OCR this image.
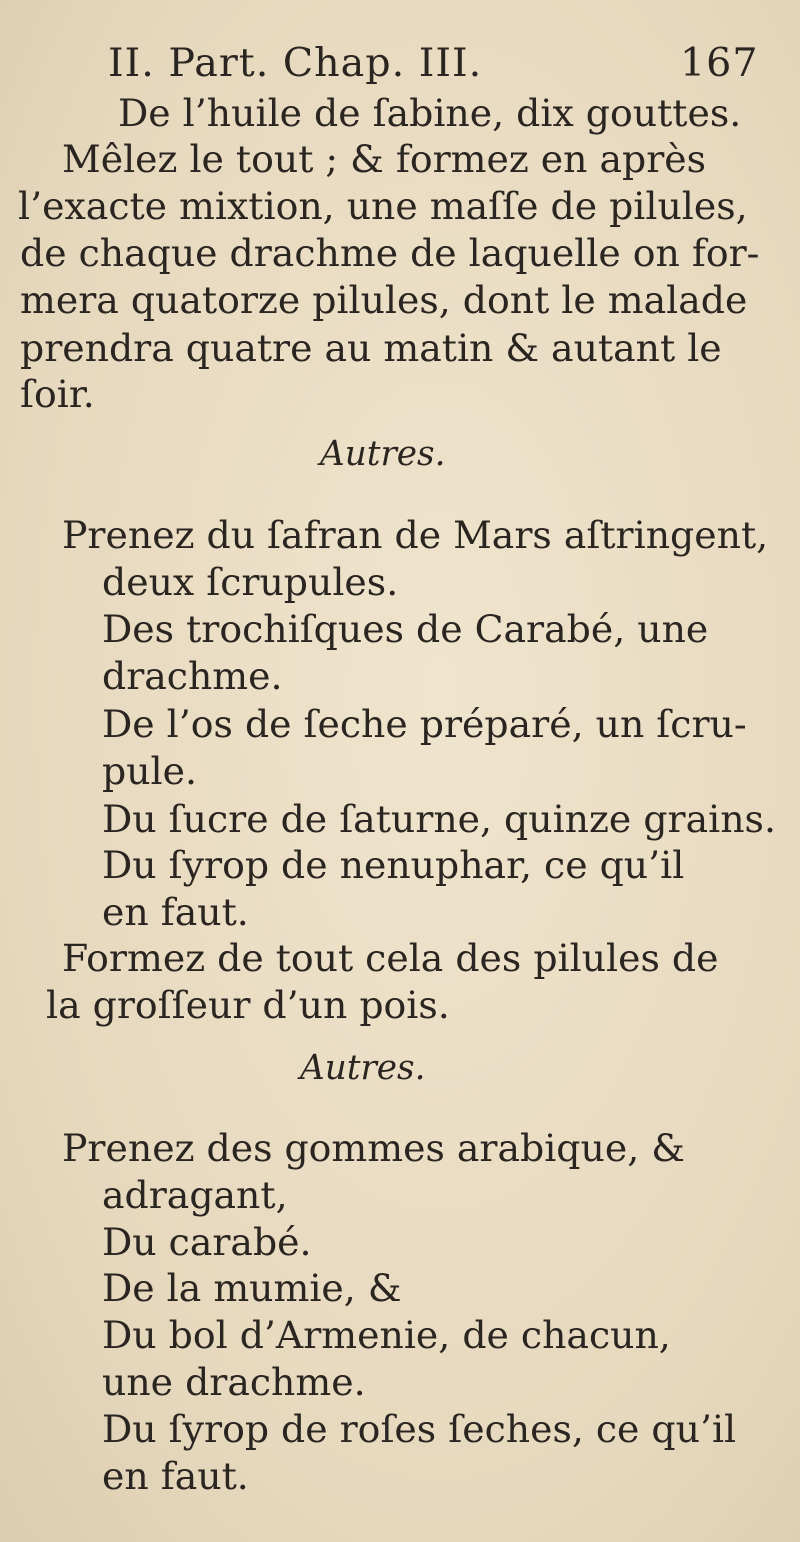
II. Part. Chap. III.	167
De l’huile de ſabine, dix gouttes.
Mêlez le tout ; & formez en après
l’exacte mixtion, une maſſe de pilules,
de chaque drachme de laquelle on for-
mera quatorze pilules, dont le malade
prendra quatre au matin & autant le
ſoir.
Autres.
Prenez du ſafran de Mars aſtringent,
deux ſcrupules.
Des trochiſques de Carabé, une
drachme.
De l’os de ſeche préparé, un ſcru-
pule.
Du ſucre de ſaturne, quinze grains.
Du ſyrop de nenuphar, ce qu’il
en faut.
Formez de tout cela des pilules de
la groſſeur d’un pois.
Autres.
Prenez des gommes arabique, &
adragant,
Du carabé.
De la mumie, &
Du bol d’Armenie, de chacun,
une drachme.
Du ſyrop de roſes ſeches, ce qu’il
en faut.
